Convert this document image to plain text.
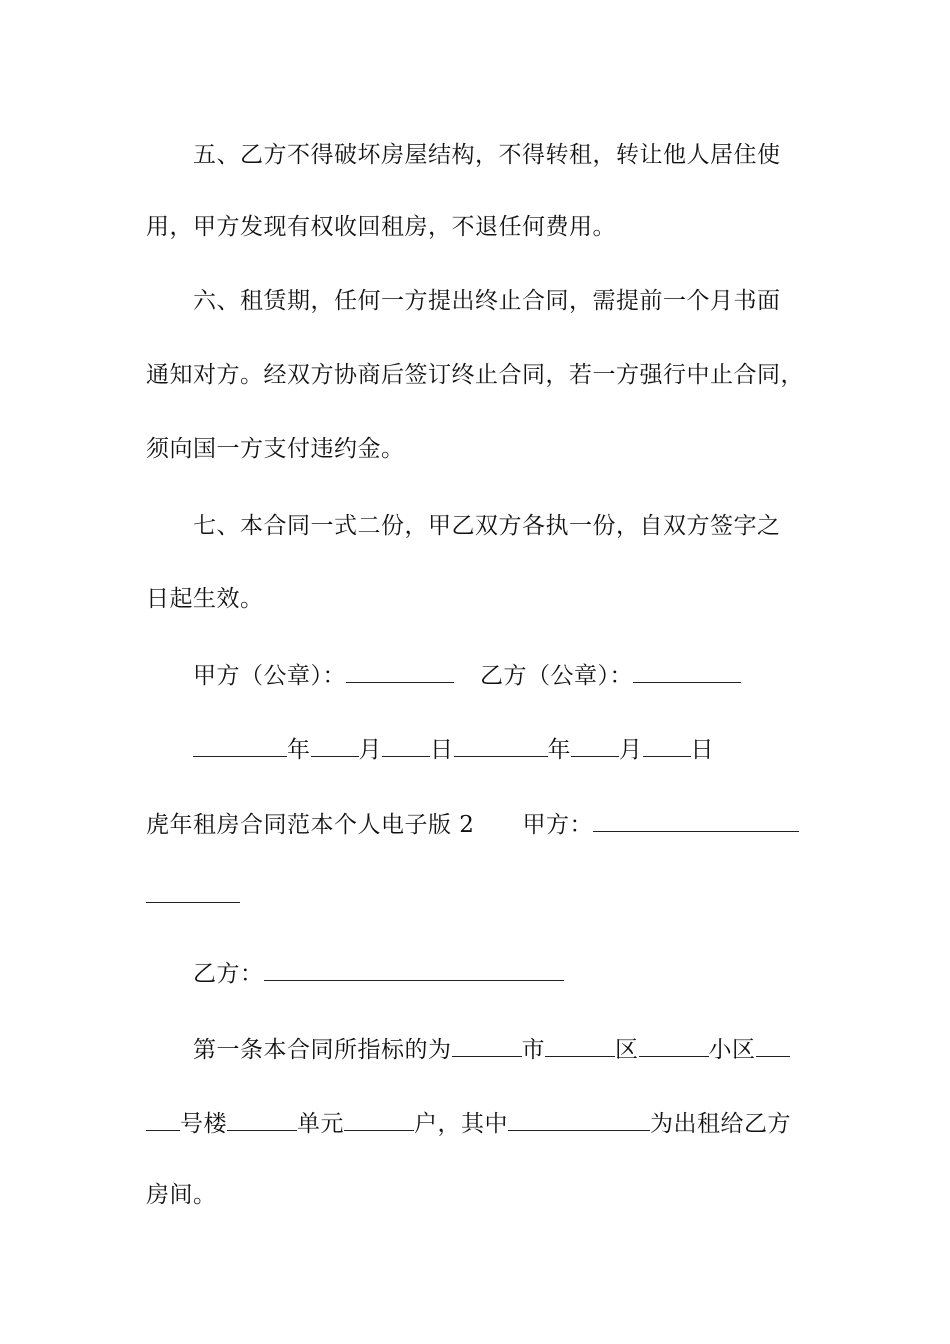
五、乙方不得破坏房屋结构，不得转租，转让他人居住使
用，甲方发现有权收回租房，不退任何费用。
六、租赁期，任何一方提出终止合同，需提前一个月书面
通知对方。经双方协商后签订终止合同，若一方强行中止合同，
须向国一方支付违约金。
七、本合同一式二份，甲乙双方各执一份，自双方签字之
日起生效。
甲方（公章）：	乙方（公章）：
年 月 日	年 月 日
虎年租房合同范本个人电子版 2 甲方：
乙方：
第一条本合同所指标的为	市	区	小区
号楼	单元	户，其中	为出租给乙方
房间。
